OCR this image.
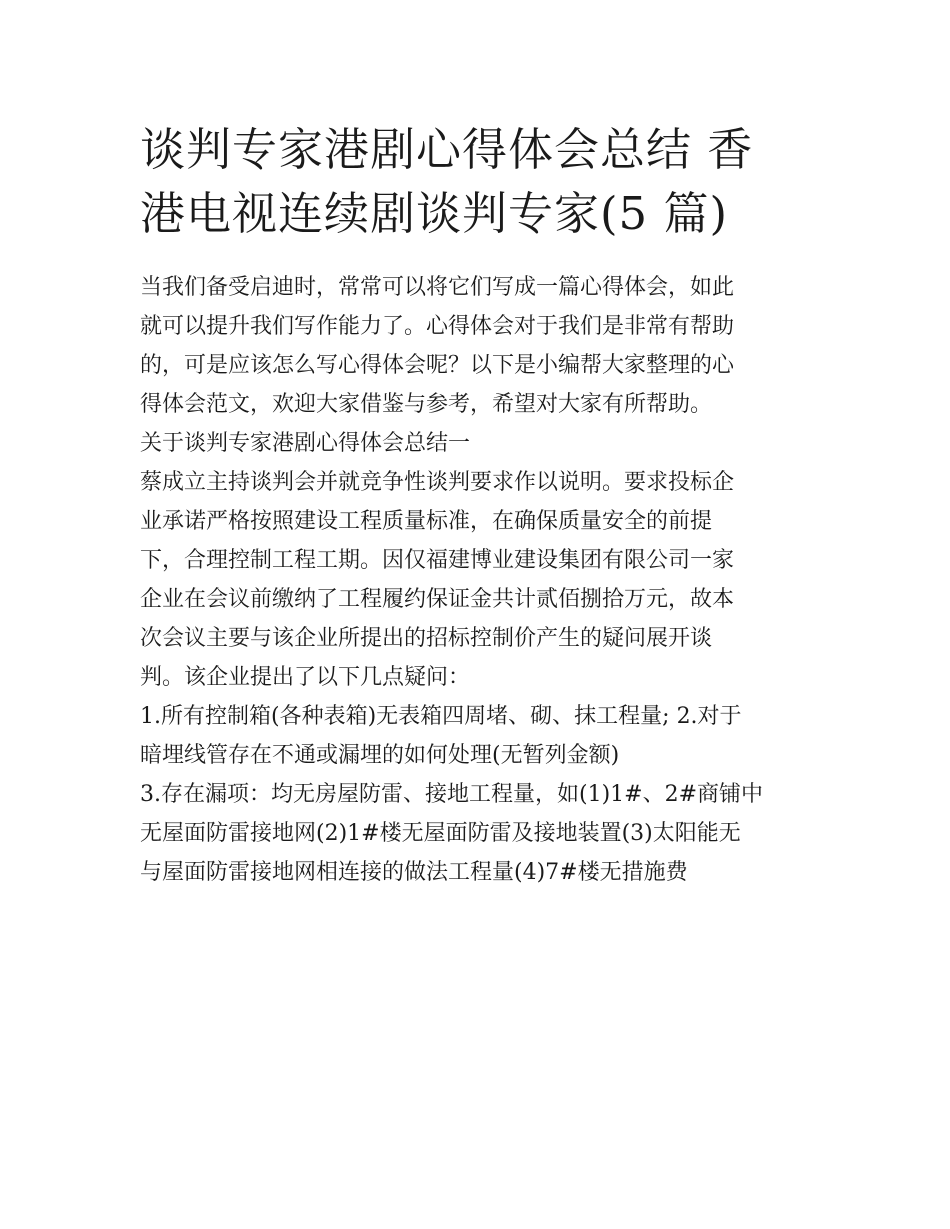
谈判专家港剧心得体会总结 香
港电视连续剧谈判专家(5 篇)
当我们备受启迪时，常常可以将它们写成一篇心得体会，如此
就可以提升我们写作能力了。心得体会对于我们是非常有帮助
的，可是应该怎么写心得体会呢？以下是小编帮大家整理的心
得体会范文，欢迎大家借鉴与参考，希望对大家有所帮助。
关于谈判专家港剧心得体会总结一
蔡成立主持谈判会并就竞争性谈判要求作以说明。要求投标企
业承诺严格按照建设工程质量标准，在确保质量安全的前提
下，合理控制工程工期。因仅福建博业建设集团有限公司一家
企业在会议前缴纳了工程履约保证金共计贰佰捌拾万元，故本
次会议主要与该企业所提出的招标控制价产生的疑问展开谈
判。该企业提出了以下几点疑问：
1.所有控制箱(各种表箱)无表箱四周堵、砌、抹工程量; 2.对于
暗埋线管存在不通或漏埋的如何处理(无暂列金额)
3.存在漏项：均无房屋防雷、接地工程量，如(1)1#、2#商铺中
无屋面防雷接地网(2)1#楼无屋面防雷及接地装置(3)太阳能无
与屋面防雷接地网相连接的做法工程量(4)7#楼无措施费
